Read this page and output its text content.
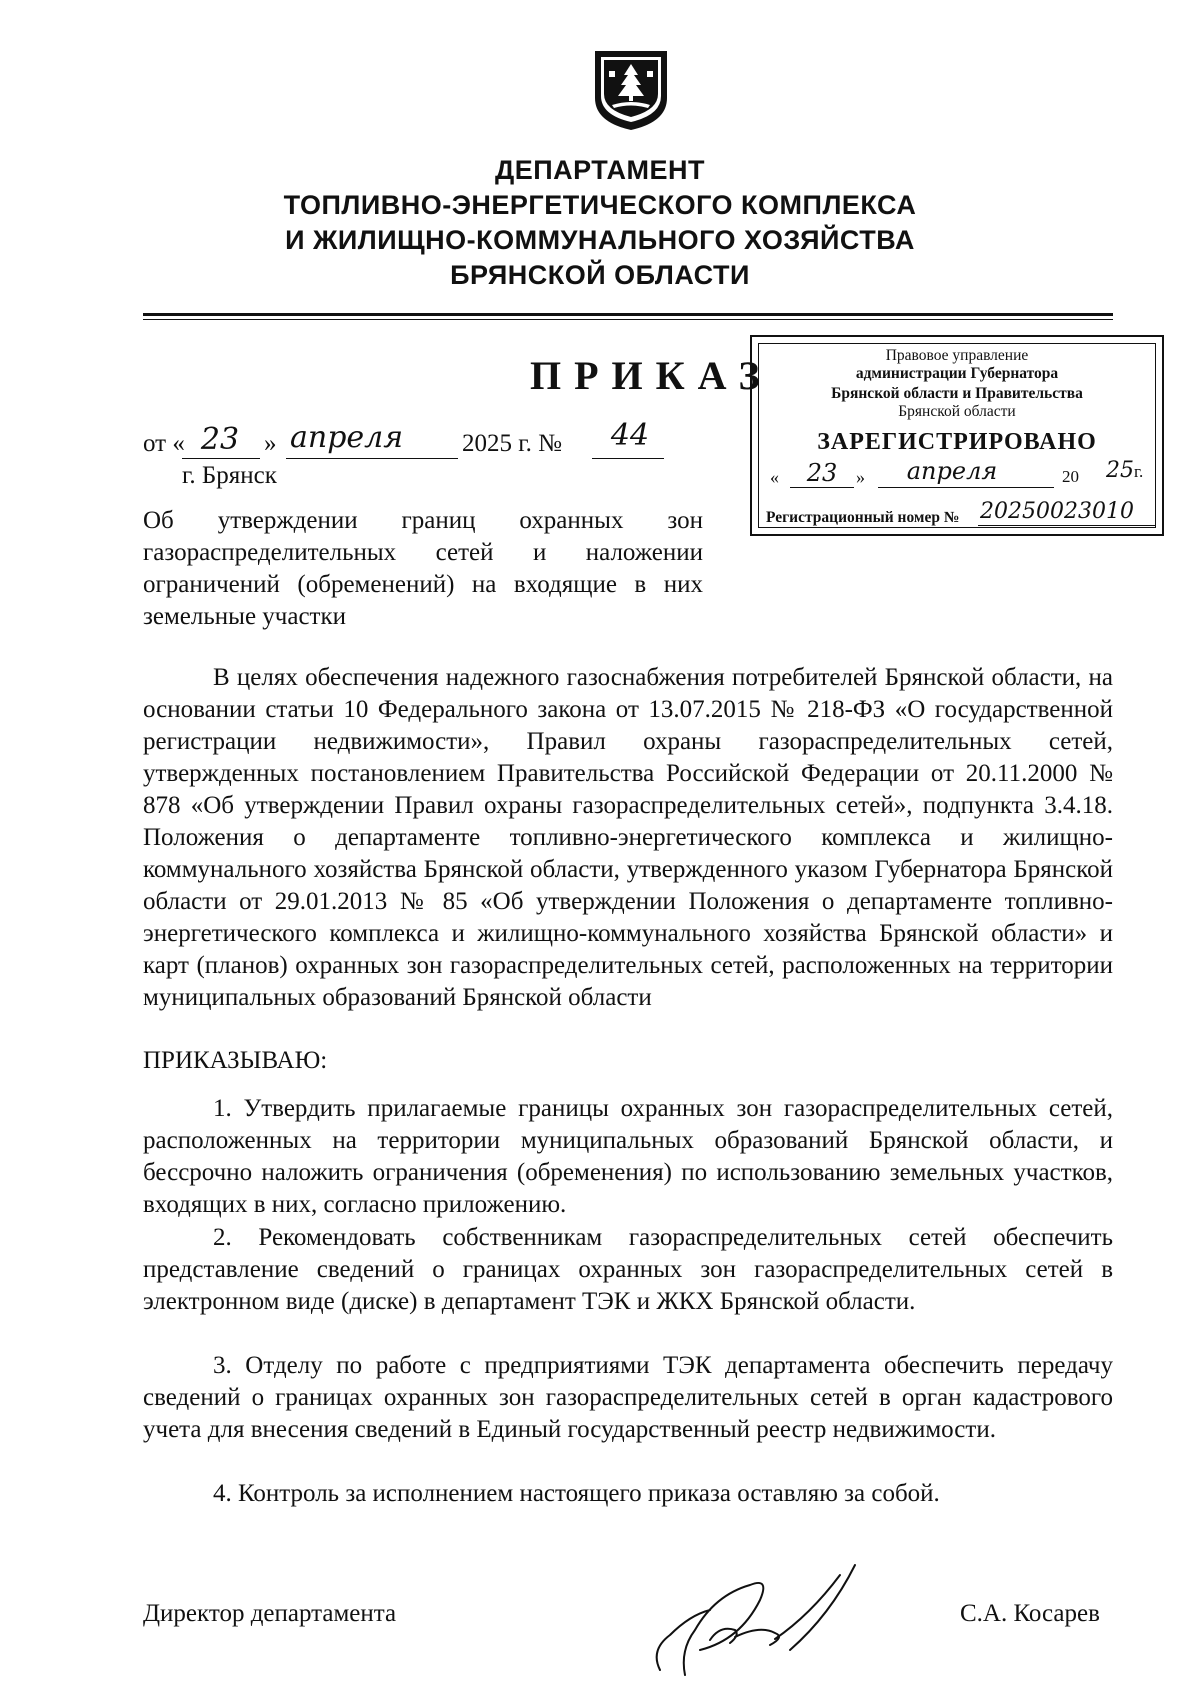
ДЕПАРТАМЕНТ
ТОПЛИВНО-ЭНЕРГЕТИЧЕСКОГО КОМПЛЕКСА
И ЖИЛИЩНО-КОММУНАЛЬНОГО ХОЗЯЙСТВА
БРЯНСКОЙ ОБЛАСТИ
ПРИКАЗ
от « 23 » апреля	2025 г. №	44
г. Брянск
Правовое управление
администрации Губернатора
Брянской области и Правительства
Брянской области
ЗАРЕГИСТРИРОВАНО
«	23	»	апреля	20 25г.
Регистрационный номер № 20250023010
Об утверждении границ охранных зон газораспределительных сетей и наложении ограничений (обременений) на входящие в них земельные участки
В целях обеспечения надежного газоснабжения потребителей Брянской области, на основании статьи 10 Федерального закона от 13.07.2015 № 218-ФЗ «О государственной регистрации недвижимости», Правил охраны газораспределительных сетей, утвержденных постановлением Правительства Российской Федерации от 20.11.2000 № 878 «Об утверждении Правил охраны газораспределительных сетей», подпункта 3.4.18. Положения о департаменте топливно-энергетического комплекса и жилищно-коммунального хозяйства Брянской области, утвержденного указом Губернатора Брянской области от 29.01.2013 № 85 «Об утверждении Положения о департаменте топливно-энергетического комплекса и жилищно-коммунального хозяйства Брянской области» и карт (планов) охранных зон газораспределительных сетей, расположенных на территории муниципальных образований Брянской области
ПРИКАЗЫВАЮ:
1. Утвердить прилагаемые границы охранных зон газораспределительных сетей, расположенных на территории муниципальных образований Брянской области, и бессрочно наложить ограничения (обременения) по использованию земельных участков, входящих в них, согласно приложению.
2. Рекомендовать собственникам газораспределительных сетей обеспечить представление сведений о границах охранных зон газораспределительных сетей в электронном виде (диске) в департамент ТЭК и ЖКХ Брянской области.
3. Отделу по работе с предприятиями ТЭК департамента обеспечить передачу сведений о границах охранных зон газораспределительных сетей в орган кадастрового учета для внесения сведений в Единый государственный реестр недвижимости.
4. Контроль за исполнением настоящего приказа оставляю за собой.
Директор департамента	С.А. Косарев
